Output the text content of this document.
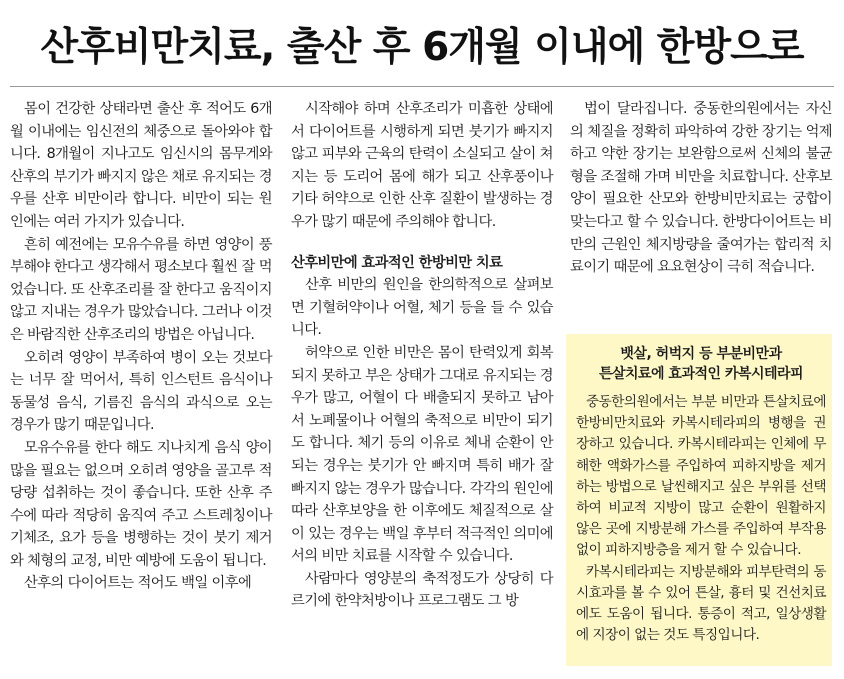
산후비만치료, 출산 후 6개월 이내에 한방으로

몸이 건강한 상태라면 출산 후 적어도 6개월 이내에는 임신전의 체중으로 돌아와야 합니다. 8개월이 지나고도 임신시의 몸무게와 산후의 부기가 빠지지 않은 채로 유지되는 경우를 산후 비만이라 합니다. 비만이 되는 원인에는 여러 가지가 있습니다.

흔히 예전에는 모유수유를 하면 영양이 풍부해야 한다고 생각해서 평소보다 훨씬 잘 먹었습니다. 또 산후조리를 잘 한다고 움직이지 않고 지내는 경우가 많았습니다. 그러나 이것은 바람직한 산후조리의 방법은 아닙니다.

오히려 영양이 부족하여 병이 오는 것보다는 너무 잘 먹어서, 특히 인스턴트 음식이나 동물성 음식, 기름진 음식의 과식으로 오는 경우가 많기 때문입니다.

모유수유를 한다 해도 지나치게 음식 양이 많을 필요는 없으며 오히려 영양을 골고루 적당량 섭취하는 것이 좋습니다. 또한 산후 주수에 따라 적당히 움직여 주고 스트레칭이나 기체조, 요가 등을 병행하는 것이 붓기 제거와 체형의 교정, 비만 예방에 도움이 됩니다.

산후의 다이어트는 적어도 백일 이후에

시작해야 하며 산후조리가 미흡한 상태에서 다이어트를 시행하게 되면 붓기가 빠지지 않고 피부와 근육의 탄력이 소실되고 살이 쳐지는 등 도리어 몸에 해가 되고 산후풍이나 기타 허약으로 인한 산후 질환이 발생하는 경우가 많기 때문에 주의해야 합니다.

산후비만에 효과적인 한방비만 치료

산후 비만의 원인을 한의학적으로 살펴보면 기혈허약이나 어혈, 체기 등을 들 수 있습니다.

허약으로 인한 비만은 몸이 탄력있게 회복되지 못하고 부은 상태가 그대로 유지되는 경우가 많고, 어혈이 다 배출되지 못하고 남아서 노폐물이나 어혈의 축적으로 비만이 되기도 합니다. 체기 등의 이유로 체내 순환이 안 되는 경우는 붓기가 안 빠지며 특히 배가 잘 빠지지 않는 경우가 많습니다. 각각의 원인에 따라 산후보양을 한 이후에도 체질적으로 살이 있는 경우는 백일 후부터 적극적인 의미에서의 비만 치료를 시작할 수 있습니다.

사람마다 영양분의 축적정도가 상당히 다르기에 한약처방이나 프로그램도 그 방

법이 달라집니다. 중동한의원에서는 자신의 체질을 정확히 파악하여 강한 장기는 억제하고 약한 장기는 보완함으로써 신체의 불균형을 조절해 가며 비만을 치료합니다. 산후보양이 필요한 산모와 한방비만치료는 궁합이 맞는다고 할 수 있습니다. 한방다이어트는 비만의 근원인 체지방량을 줄여가는 합리적 치료이기 때문에 요요현상이 극히 적습니다.

뱃살, 허벅지 등 부분비만과
튼살치료에 효과적인 카복시테라피

중동한의원에서는 부분 비만과 튼살치료에 한방비만치료와 카복시테라피의 병행을 권장하고 있습니다. 카복시테라피는 인체에 무해한 액화가스를 주입하여 피하지방을 제거하는 방법으로 날씬해지고 싶은 부위를 선택하여 비교적 지방이 많고 순환이 원활하지 않은 곳에 지방분해 가스를 주입하여 부작용없이 피하지방층을 제거 할 수 있습니다.

카복시테라피는 지방분해와 피부탄력의 동시효과를 볼 수 있어 튼살, 흉터 및 건선치료에도 도움이 됩니다. 통증이 적고, 일상생활에 지장이 없는 것도 특징입니다.
